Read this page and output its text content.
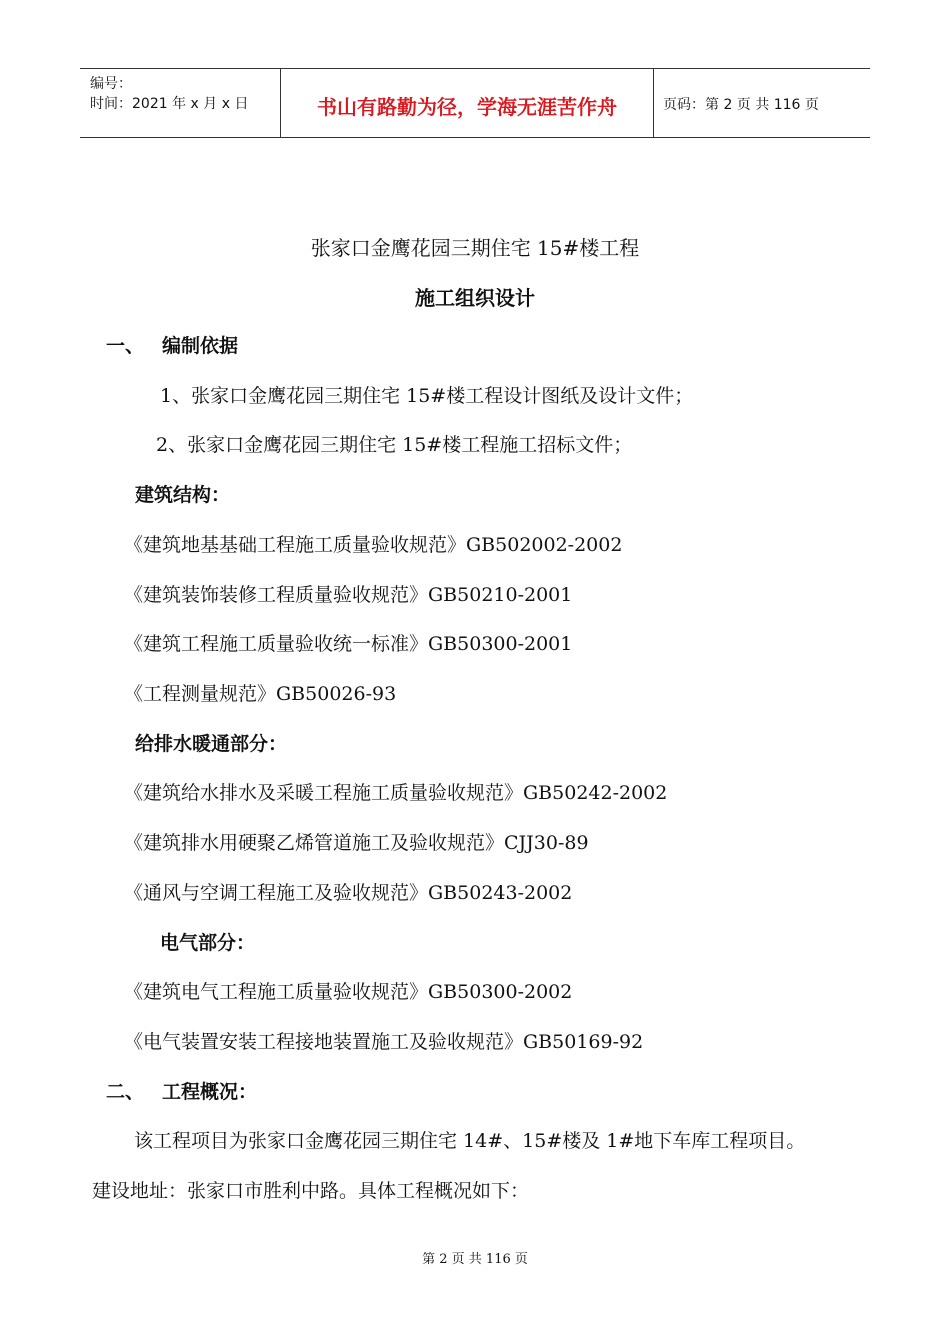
编号：
时间：2021 年 x 月 x 日	书山有路勤为径，学海无涯苦作舟	页码：第 2 页 共 116 页
张家口金鹰花园三期住宅 15#楼工程
施工组织设计
一、 编制依据
1、张家口金鹰花园三期住宅 15#楼工程设计图纸及设计文件；
2、张家口金鹰花园三期住宅 15#楼工程施工招标文件；
建筑结构：
《建筑地基基础工程施工质量验收规范》GB502002-2002
《建筑装饰装修工程质量验收规范》GB50210-2001
《建筑工程施工质量验收统一标准》GB50300-2001
《工程测量规范》GB50026-93
给排水暖通部分：
《建筑给水排水及采暖工程施工质量验收规范》GB50242-2002
《建筑排水用硬聚乙烯管道施工及验收规范》CJJ30-89
《通风与空调工程施工及验收规范》GB50243-2002
电气部分：
《建筑电气工程施工质量验收规范》GB50300-2002
《电气装置安装工程接地装置施工及验收规范》GB50169-92
二、 工程概况：
该工程项目为张家口金鹰花园三期住宅 14#、15#楼及 1#地下车库工程项目。
建设地址：张家口市胜利中路。具体工程概况如下：
第 2 页 共 116 页
